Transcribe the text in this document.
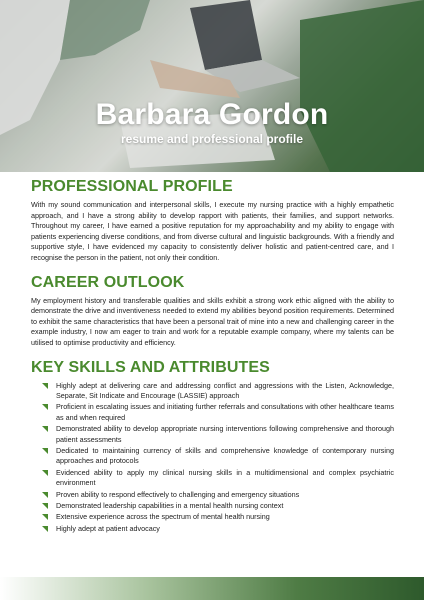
Barbara Gordon
resume and professional profile
PROFESSIONAL PROFILE

With my sound communication and interpersonal skills, I execute my nursing practice with a highly empathetic approach, and I have a strong ability to develop rapport with patients, their families, and support networks. Throughout my career, I have earned a positive reputation for my approachability and my ability to engage with patients experiencing diverse conditions, and from diverse cultural and linguistic backgrounds. With a friendly and supportive style, I have evidenced my capacity to consistently deliver holistic and patient-centred care, and I recognise the person in the patient, not only their condition.

CAREER OUTLOOK

My employment history and transferable qualities and skills exhibit a strong work ethic aligned with the ability to demonstrate the drive and inventiveness needed to extend my abilities beyond position requirements. Determined to exhibit the same characteristics that have been a personal trait of mine into a new and challenging career in the example industry, I now am eager to train and work for a reputable example company, where my talents can be utilised to optimise productivity and efficiency.

KEY SKILLS AND ATTRIBUTES
Highly adept at delivering care and addressing conflict and aggressions with the Listen, Acknowledge, Separate, Sit Indicate and Encourage (LASSIE) approach
Proficient in escalating issues and initiating further referrals and consultations with other healthcare teams as and when required
Demonstrated ability to develop appropriate nursing interventions following comprehensive and thorough patient assessments
Dedicated to maintaining currency of skills and comprehensive knowledge of contemporary nursing approaches and protocols
Evidenced ability to apply my clinical nursing skills in a multidimensional and complex psychiatric environment
Proven ability to respond effectively to challenging and emergency situations
Demonstrated leadership capabilities in a mental health nursing context
Extensive experience across the spectrum of mental health nursing
Highly adept at patient advocacy
